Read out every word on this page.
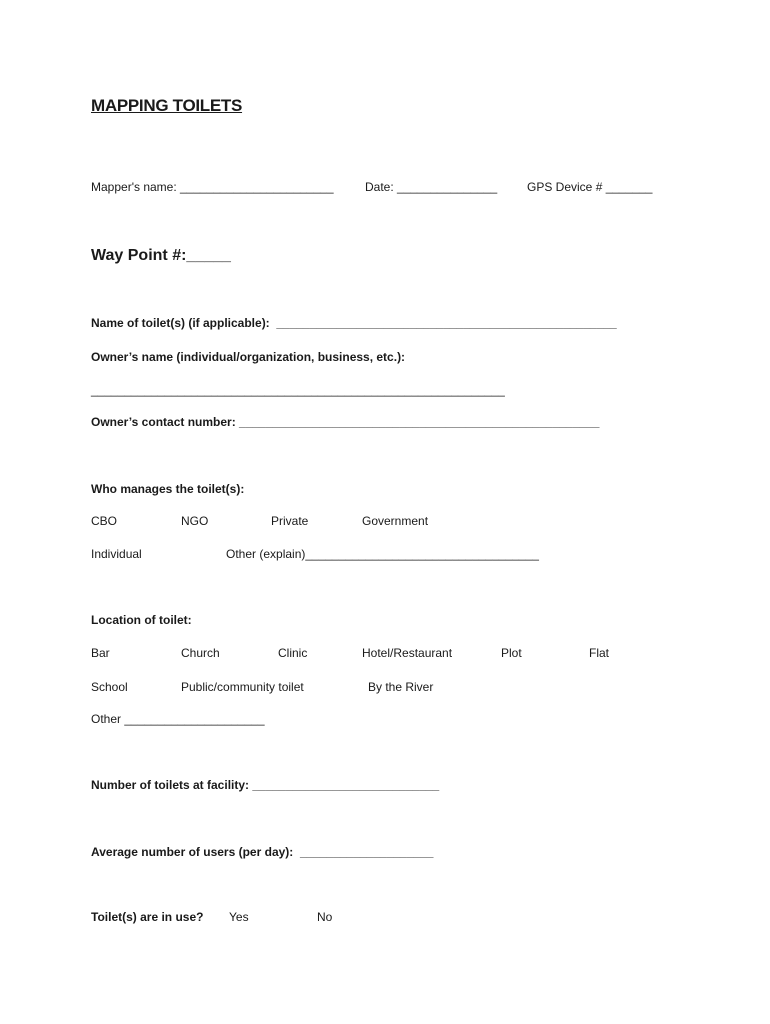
MAPPING TOILETS
Mapper's name: _______________________	Date: _______________ GPS Device # _______
Way Point #:_____
Name of toilet(s) (if applicable):  ___________________________________________________
Owner’s name (individual/organization, business, etc.):
______________________________________________________________
Owner’s contact number: ______________________________________________________
Who manages the toilet(s):
CBO	NGO	Private	Government
Individual	Other (explain)___________________________________
Location of toilet:
Bar	Church	Clinic	Hotel/Restaurant	Plot	Flat
School	Public/community toilet	By the River
Other _____________________
Number of toilets at facility: ____________________________
Average number of users (per day):  ____________________
Toilet(s) are in use? Yes	No
